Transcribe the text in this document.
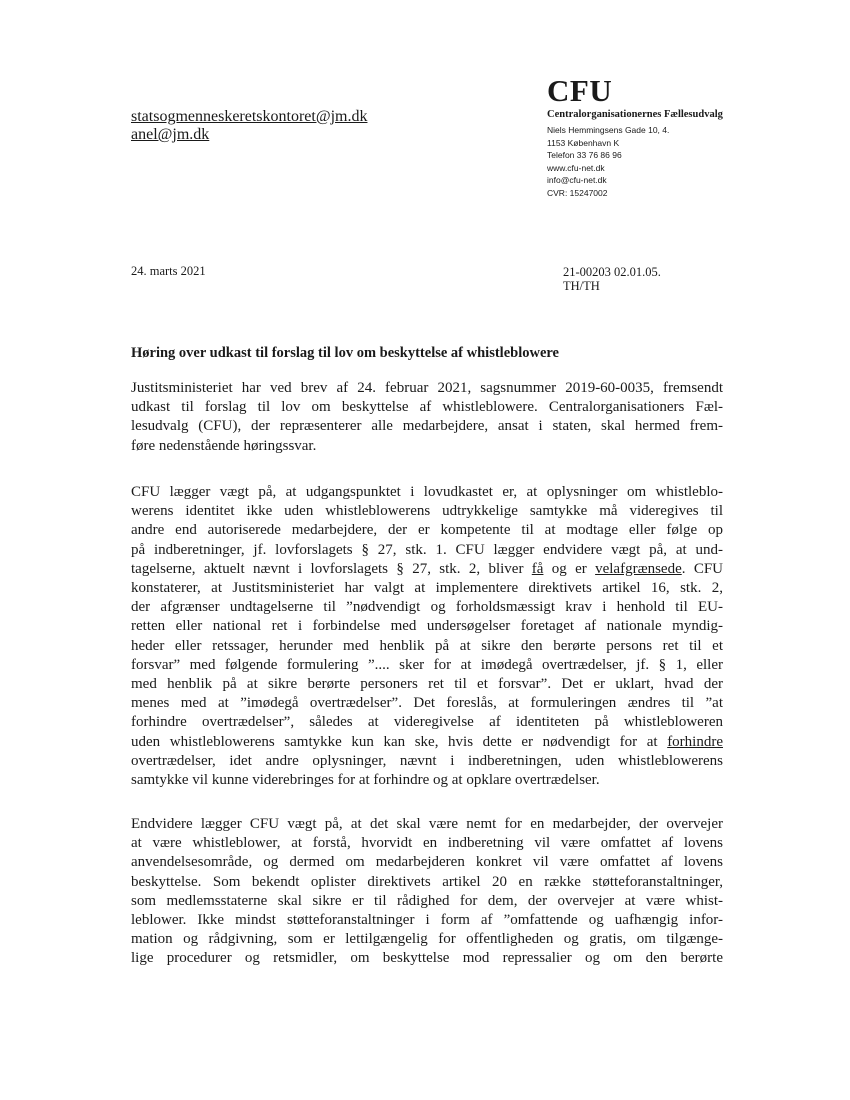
statsogmenneskeretskontoret@jm.dk
anel@jm.dk
CFU
Centralorganisationernes Fællesudvalg
Niels Hemmingsens Gade 10, 4.
1153 København K
Telefon 33 76 86 96
www.cfu-net.dk
info@cfu-net.dk
CVR: 15247002
24. marts 2021	21-00203 02.01.05.
TH/TH
Høring over udkast til forslag til lov om beskyttelse af whistleblowere
Justitsministeriet har ved brev af 24. februar 2021, sagsnummer 2019-60-0035, fremsendt
udkast til forslag til lov om beskyttelse af whistleblowere. Centralorganisationers Fæl-
lesudvalg (CFU), der repræsenterer alle medarbejdere, ansat i staten, skal hermed frem-
føre nedenstående høringssvar.
CFU lægger vægt på, at udgangspunktet i lovudkastet er, at oplysninger om whistleblo-
werens identitet ikke uden whistleblowerens udtrykkelige samtykke må videregives til
andre end autoriserede medarbejdere, der er kompetente til at modtage eller følge op
på indberetninger, jf. lovforslagets § 27, stk. 1. CFU lægger endvidere vægt på, at und-
tagelserne, aktuelt nævnt i lovforslagets § 27, stk. 2, bliver få og er velafgrænsede. CFU
konstaterer, at Justitsministeriet har valgt at implementere direktivets artikel 16, stk. 2,
der afgrænser undtagelserne til ”nødvendigt og forholdsmæssigt krav i henhold til EU-
retten eller national ret i forbindelse med undersøgelser foretaget af nationale myndig-
heder eller retssager, herunder med henblik på at sikre den berørte persons ret til et
forsvar” med følgende formulering ”.... sker for at imødegå overtrædelser, jf. § 1, eller
med henblik på at sikre berørte personers ret til et forsvar”. Det er uklart, hvad der
menes med at ”imødegå overtrædelser”. Det foreslås, at formuleringen ændres til ”at
forhindre overtrædelser”, således at videregivelse af identiteten på whistlebloweren
uden whistleblowerens samtykke kun kan ske, hvis dette er nødvendigt for at forhindre
overtrædelser, idet andre oplysninger, nævnt i indberetningen, uden whistleblowerens
samtykke vil kunne viderebringes for at forhindre og at opklare overtrædelser.
Endvidere lægger CFU vægt på, at det skal være nemt for en medarbejder, der overvejer
at være whistleblower, at forstå, hvorvidt en indberetning vil være omfattet af lovens
anvendelsesområde, og dermed om medarbejderen konkret vil være omfattet af lovens
beskyttelse. Som bekendt oplister direktivets artikel 20 en række støtteforanstaltninger,
som medlemsstaterne skal sikre er til rådighed for dem, der overvejer at være whist-
leblower. Ikke mindst støtteforanstaltninger i form af ”omfattende og uafhængig infor-
mation og rådgivning, som er lettilgængelig for offentligheden og gratis, om tilgænge-
lige procedurer og retsmidler, om beskyttelse mod repressalier og om den berørte
